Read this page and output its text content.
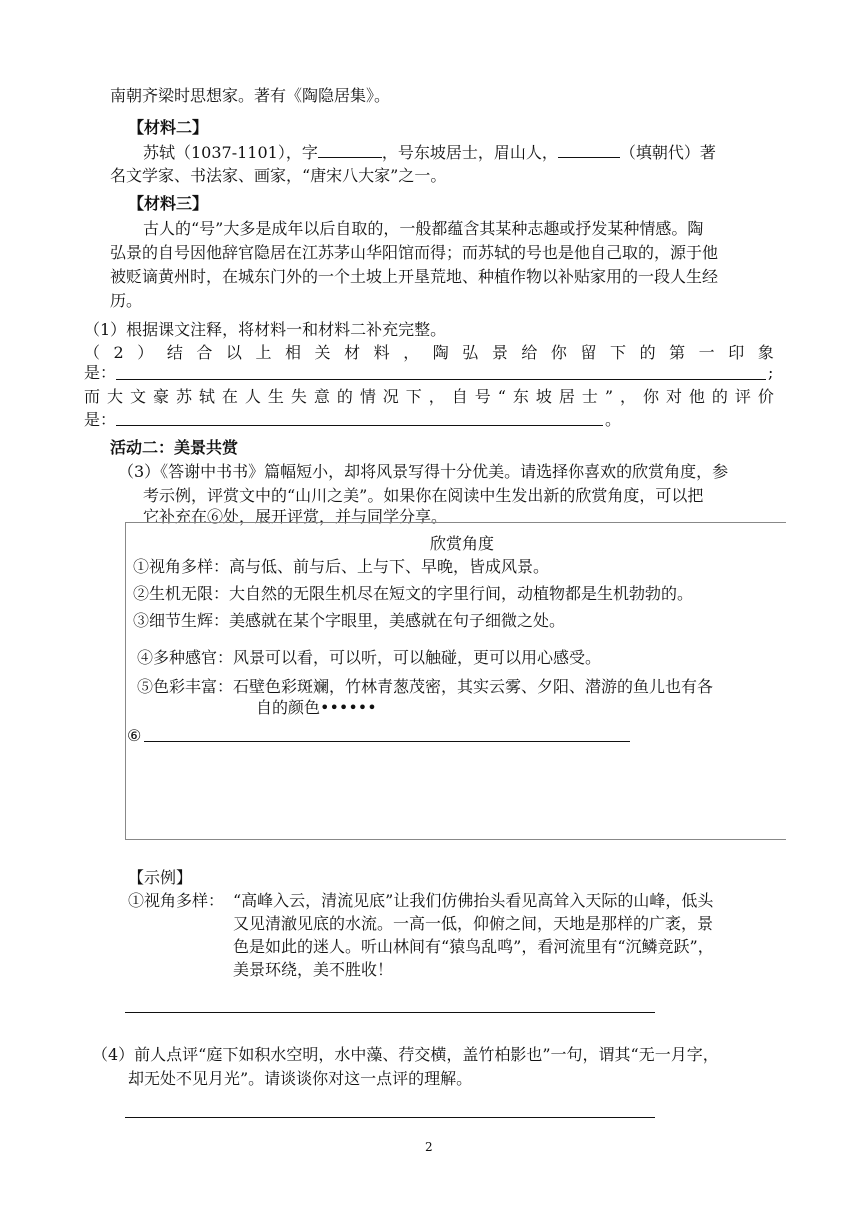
南朝齐梁时思想家。著有《陶隐居集》。
【材料二】
苏轼（1037-1101），字	，号东坡居士，眉山人，	（填朝代）著
名文学家、书法家、画家，“唐宋八大家”之一。
【材料三】
古人的“号”大多是成年以后自取的，一般都蕴含其某种志趣或抒发某种情感。陶
弘景的自号因他辞官隐居在江苏茅山华阳馆而得；而苏轼的号也是他自己取的，源于他
被贬谪黄州时，在城东门外的一个土坡上开垦荒地、种植作物以补贴家用的一段人生经
历。
（1）根据课文注释，将材料一和材料二补充完整。
（ 2 ） 结 合 以 上 相 关 材 料 ， 陶 弘 景 给 你 留 下 的 第 一 印 象
是：	;
而 大 文 豪 苏 轼 在 人 生 失 意 的 情 况 下 ， 自 号 “ 东 坡 居 士 ” ， 你 对 他 的 评 价
是：	。
活动二：美景共赏
（3）《答谢中书书》篇幅短小，却将风景写得十分优美。请选择你喜欢的欣赏角度，参
考示例，评赏文中的“山川之美”。如果你在阅读中生发出新的欣赏角度，可以把
它补充在⑥处，展开评赏，并与同学分享。
欣赏角度
①视角多样：高与低、前与后、上与下、早晚，皆成风景。
②生机无限：大自然的无限生机尽在短文的字里行间，动植物都是生机勃勃的。
③细节生辉：美感就在某个字眼里，美感就在句子细微之处。
④多种感官：风景可以看，可以听，可以触碰，更可以用心感受。
⑤色彩丰富：石壁色彩斑斓，竹林青葱茂密，其实云雾、夕阳、潜游的鱼儿也有各
自的颜色••••••
⑥
【示例】
①视角多样： “高峰入云，清流见底”让我们仿佛抬头看见高耸入天际的山峰，低头
又见清澈见底的水流。一高一低，仰俯之间，天地是那样的广袤，景
色是如此的迷人。听山林间有“猿鸟乱鸣”，看河流里有“沉鳞竞跃”，
美景环绕，美不胜收！
（4）前人点评“庭下如积水空明，水中藻、荇交横，盖竹柏影也”一句，谓其“无一月字，
却无处不见月光”。请谈谈你对这一点评的理解。
2
